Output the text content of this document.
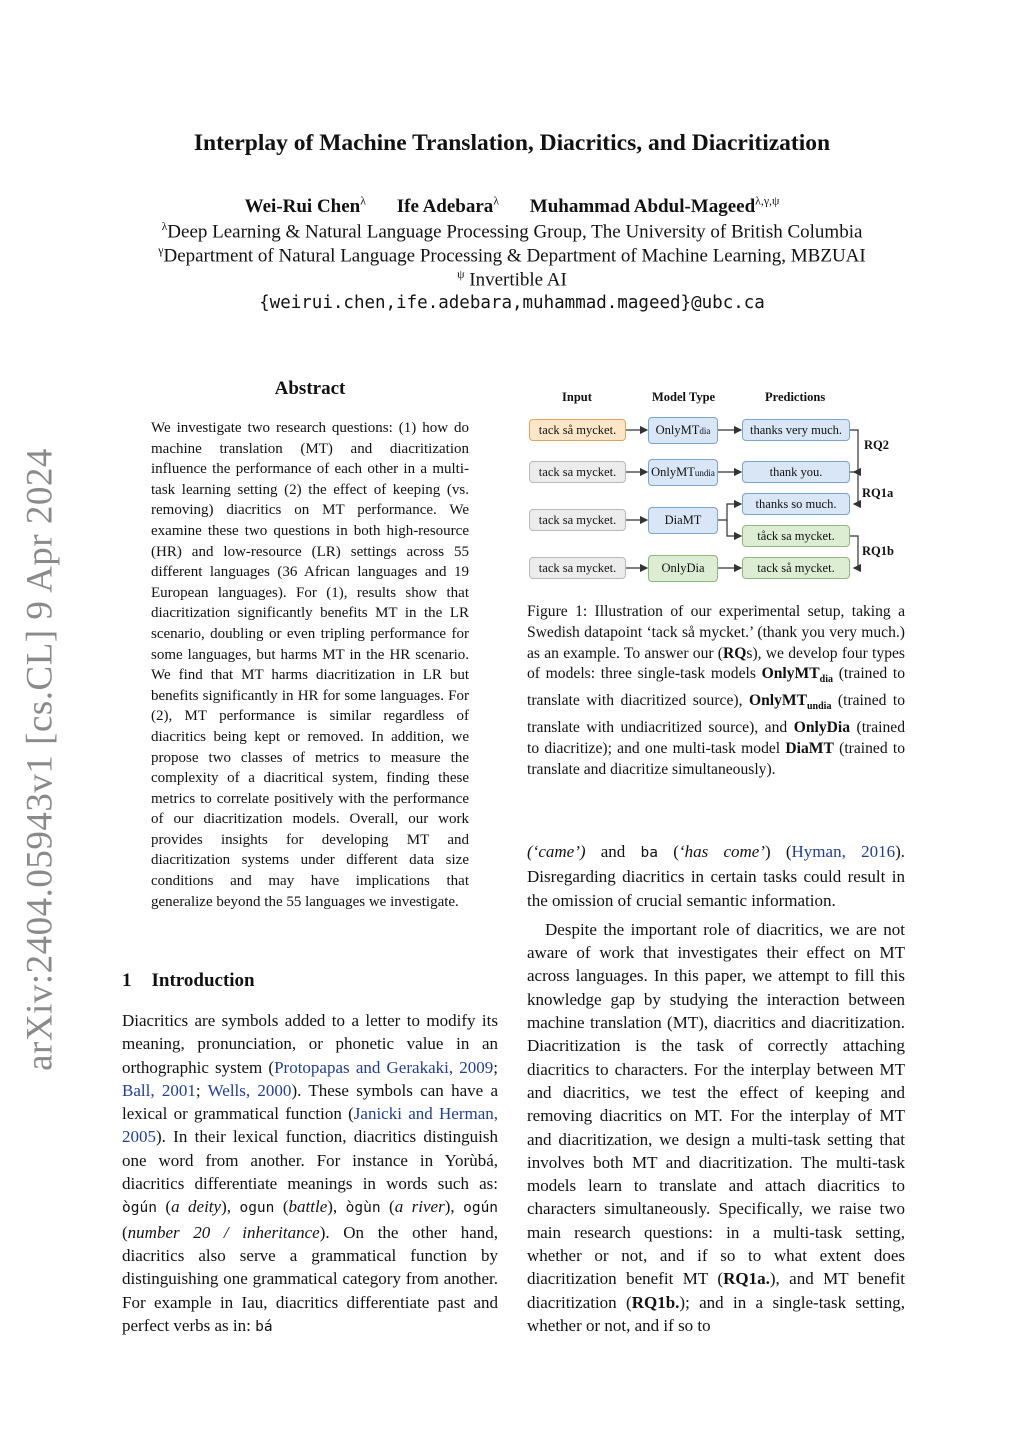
arXiv:2404.05943v1 [cs.CL] 9 Apr 2024
Interplay of Machine Translation, Diacritics, and Diacritization
Wei-Rui Chen$^\lambda$ Ife Adebara$^\lambda$ Muhammad Abdul-Mageed$^{\lambda,\gamma,\psi}$
$^\lambda$Deep Learning & Natural Language Processing Group, The University of British Columbia
$^\gamma$Department of Natural Language Processing & Department of Machine Learning, MBZUAI
$^\psi$ Invertible AI
{weirui.chen,ife.adebara,muhammad.mageed}@ubc.ca
Abstract
We investigate two research questions: (1) how do machine translation (MT) and diacritization influence the performance of each other in a multi-task learning setting (2) the effect of keeping (vs. removing) diacritics on MT performance. We examine these two questions in both high-resource (HR) and low-resource (LR) settings across 55 different languages (36 African languages and 19 European languages). For (1), results show that diacritization significantly benefits MT in the LR scenario, doubling or even tripling performance for some languages, but harms MT in the HR scenario. We find that MT harms diacritization in LR but benefits significantly in HR for some languages. For (2), MT performance is similar regardless of diacritics being kept or removed. In addition, we propose two classes of metrics to measure the complexity of a diacritical system, finding these metrics to correlate positively with the performance of our diacritization models. Overall, our work provides insights for developing MT and diacritization systems under different data size conditions and may have implications that generalize beyond the 55 languages we investigate.
1 Introduction
Diacritics are symbols added to a letter to modify its meaning, pronunciation, or phonetic value in an orthographic system (Protopapas and Gerakaki, 2009; Ball, 2001; Wells, 2000). These symbols can have a lexical or grammatical function (Janicki and Herman, 2005). In their lexical function, diacritics distinguish one word from another. For instance in Yorùbá, diacritics differentiate meanings in words such as: ògún (a deity), ogun (battle), ògùn (a river), ogún (number 20 / inheritance). On the other hand, diacritics also serve a grammatical function by distinguishing one grammatical category from another. For example in Iau, diacritics differentiate past and perfect verbs as in: bá
Input	Model Type	Predictions
tack så mycket.
tack sa mycket.
tack sa mycket.
tack sa mycket.
OnlyMT dia
OnlyMT undia
DiaMT
OnlyDia
thanks very much.
thank you.
thanks so much.
tåck sa mycket.
tack så mycket.
RQ2
RQ1a
RQ1b
Figure 1: Illustration of our experimental setup, taking a Swedish datapoint ‘tack så mycket.’ (thank you very much.) as an example. To answer our (RQs), we develop four types of models: three single-task models OnlyMT$_{dia}$ (trained to translate with diacritized source), OnlyMT$_{undia}$ (trained to translate with undiacritized source), and OnlyDia (trained to diacritize); and one multi-task model DiaMT (trained to translate and diacritize simultaneously).

(‘came’) and ba (‘has come’) (Hyman, 2016). Disregarding diacritics in certain tasks could result in the omission of crucial semantic information.

Despite the important role of diacritics, we are not aware of work that investigates their effect on MT across languages. In this paper, we attempt to fill this knowledge gap by studying the interaction between machine translation (MT), diacritics and diacritization. Diacritization is the task of correctly attaching diacritics to characters. For the interplay between MT and diacritics, we test the effect of keeping and removing diacritics on MT. For the interplay of MT and diacritization, we design a multi-task setting that involves both MT and diacritization. The multi-task models learn to translate and attach diacritics to characters simultaneously. Specifically, we raise two main research questions: in a multi-task setting, whether or not, and if so to what extent does diacritization benefit MT (RQ1a.), and MT benefit diacritization (RQ1b.); and in a single-task setting, whether or not, and if so to
